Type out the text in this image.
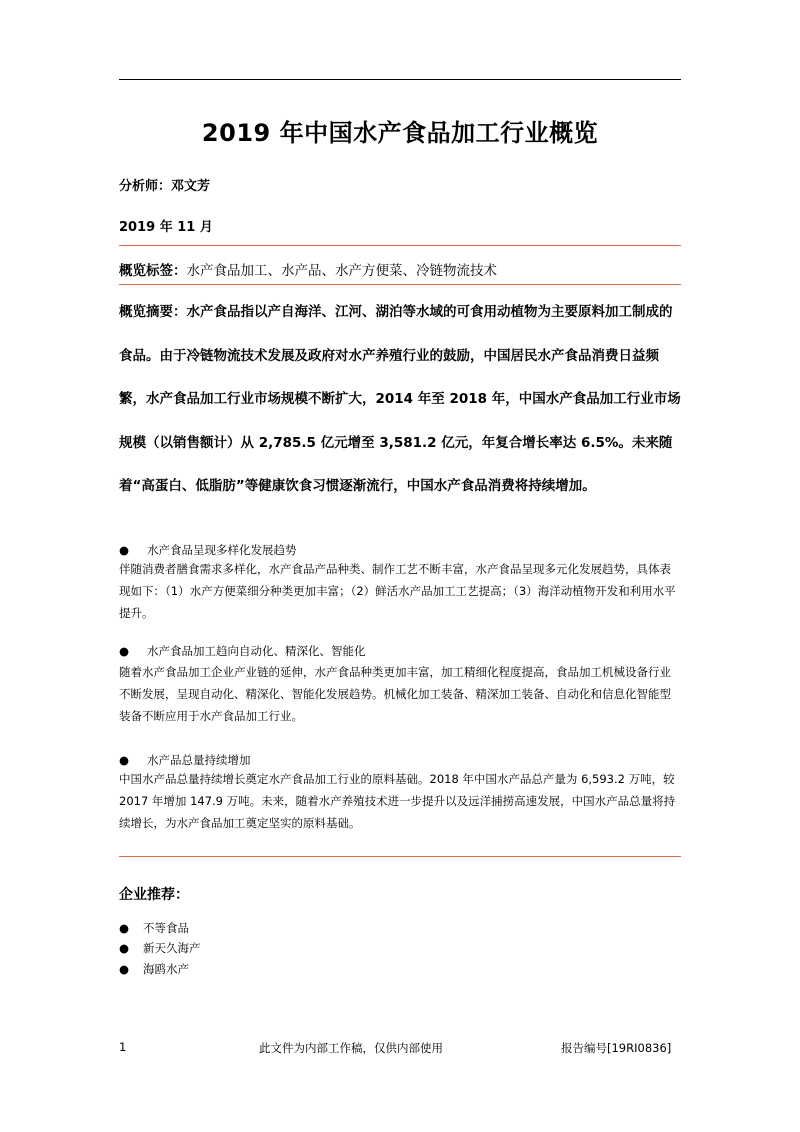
2019 年中国水产食品加工行业概览
分析师：邓文芳
2019 年 11 月
概览标签：水产食品加工、水产品、水产方便菜、冷链物流技术

概览摘要：水产食品指以产自海洋、江河、湖泊等水域的可食用动植物为主要原料加工制成的食品。由于冷链物流技术发展及政府对水产养殖行业的鼓励，中国居民水产食品消费日益频繁，水产食品加工行业市场规模不断扩大，2014 年至 2018 年，中国水产食品加工行业市场规模（以销售额计）从 2,785.5 亿元增至 3,581.2 亿元，年复合增长率达 6.5%。未来随着“高蛋白、低脂肪”等健康饮食习惯逐渐流行，中国水产食品消费将持续增加。

● 水产食品呈现多样化发展趋势

伴随消费者膳食需求多样化，水产食品产品种类、制作工艺不断丰富，水产食品呈现多元化发展趋势，具体表现如下：（1）水产方便菜细分种类更加丰富；（2）鲜活水产品加工工艺提高；（3）海洋动植物开发和利用水平提升。

● 水产食品加工趋向自动化、精深化、智能化

随着水产食品加工企业产业链的延伸，水产食品种类更加丰富，加工精细化程度提高，食品加工机械设备行业不断发展，呈现自动化、精深化、智能化发展趋势。机械化加工装备、精深加工装备、自动化和信息化智能型装备不断应用于水产食品加工行业。

● 水产品总量持续增加

中国水产品总量持续增长奠定水产食品加工行业的原料基础。2018 年中国水产品总产量为 6,593.2 万吨，较 2017 年增加 147.9 万吨。未来，随着水产养殖技术进一步提升以及远洋捕捞高速发展，中国水产品总量将持续增长，为水产食品加工奠定坚实的原料基础。

企业推荐：
● 不等食品
● 新天久海产
● 海鸥水产
1	此文件为内部工作稿，仅供内部使用	报告编号[19RI0836]
